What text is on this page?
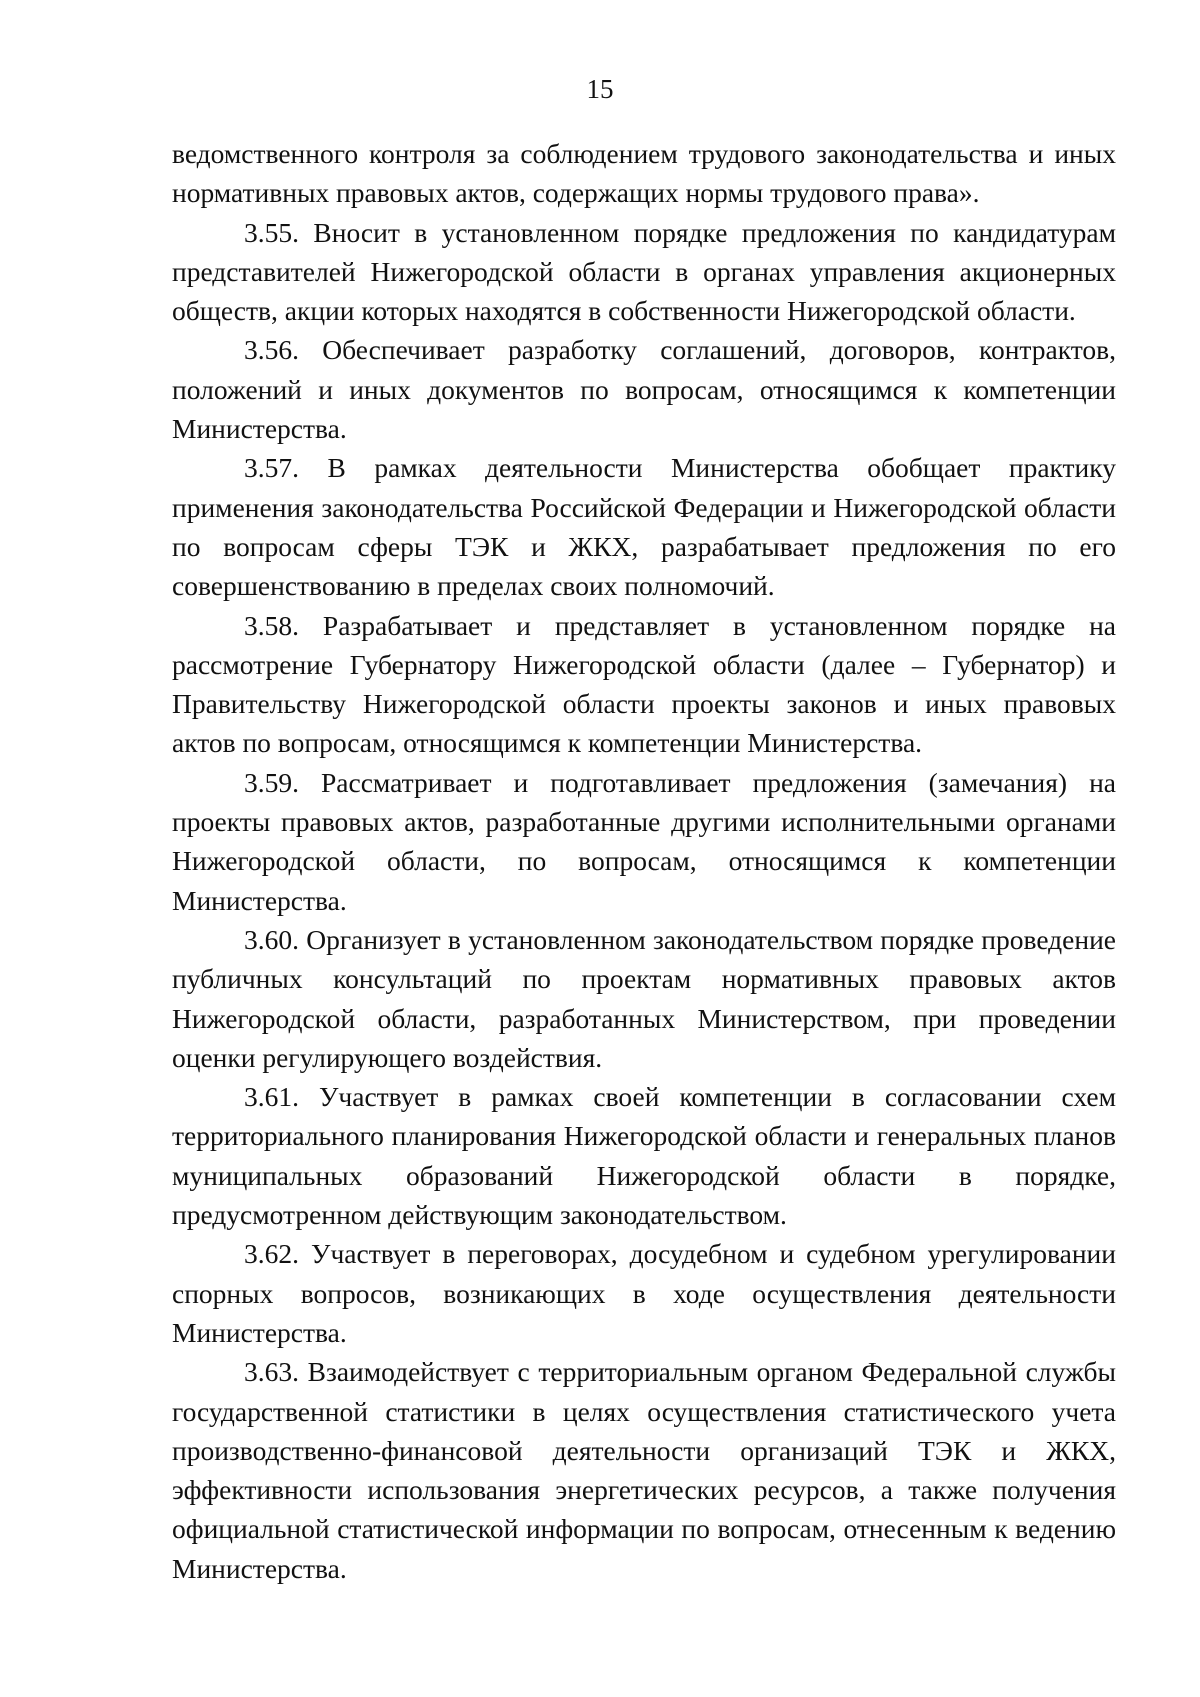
15

ведомственного контроля за соблюдением трудового законодательства и иных нормативных правовых актов, содержащих нормы трудового права».

3.55. Вносит в установленном порядке предложения по кандидатурам представителей Нижегородской области в органах управления акционерных обществ, акции которых находятся в собственности Нижегородской области.

3.56. Обеспечивает разработку соглашений, договоров, контрактов, положений и иных документов по вопросам, относящимся к компетенции Министерства.

3.57. В рамках деятельности Министерства обобщает практику применения законодательства Российской Федерации и Нижегородской области по вопросам сферы ТЭК и ЖКХ, разрабатывает предложения по его совершенствованию в пределах своих полномочий.

3.58. Разрабатывает и представляет в установленном порядке на рассмотрение Губернатору Нижегородской области (далее – Губернатор) и Правительству Нижегородской области проекты законов и иных правовых актов по вопросам, относящимся к компетенции Министерства.

3.59. Рассматривает и подготавливает предложения (замечания) на проекты правовых актов, разработанные другими исполнительными органами Нижегородской области, по вопросам, относящимся к компетенции Министерства.

3.60. Организует в установленном законодательством порядке проведение публичных консультаций по проектам нормативных правовых актов Нижегородской области, разработанных Министерством, при проведении оценки регулирующего воздействия.

3.61. Участвует в рамках своей компетенции в согласовании схем территориального планирования Нижегородской области и генеральных планов муниципальных образований Нижегородской области в порядке, предусмотренном действующим законодательством.

3.62. Участвует в переговорах, досудебном и судебном урегулировании спорных вопросов, возникающих в ходе осуществления деятельности Министерства.

3.63. Взаимодействует с территориальным органом Федеральной службы государственной статистики в целях осуществления статистического учета производственно-финансовой деятельности организаций ТЭК и ЖКХ, эффективности использования энергетических ресурсов, а также получения официальной статистической информации по вопросам, отнесенным к ведению Министерства.
